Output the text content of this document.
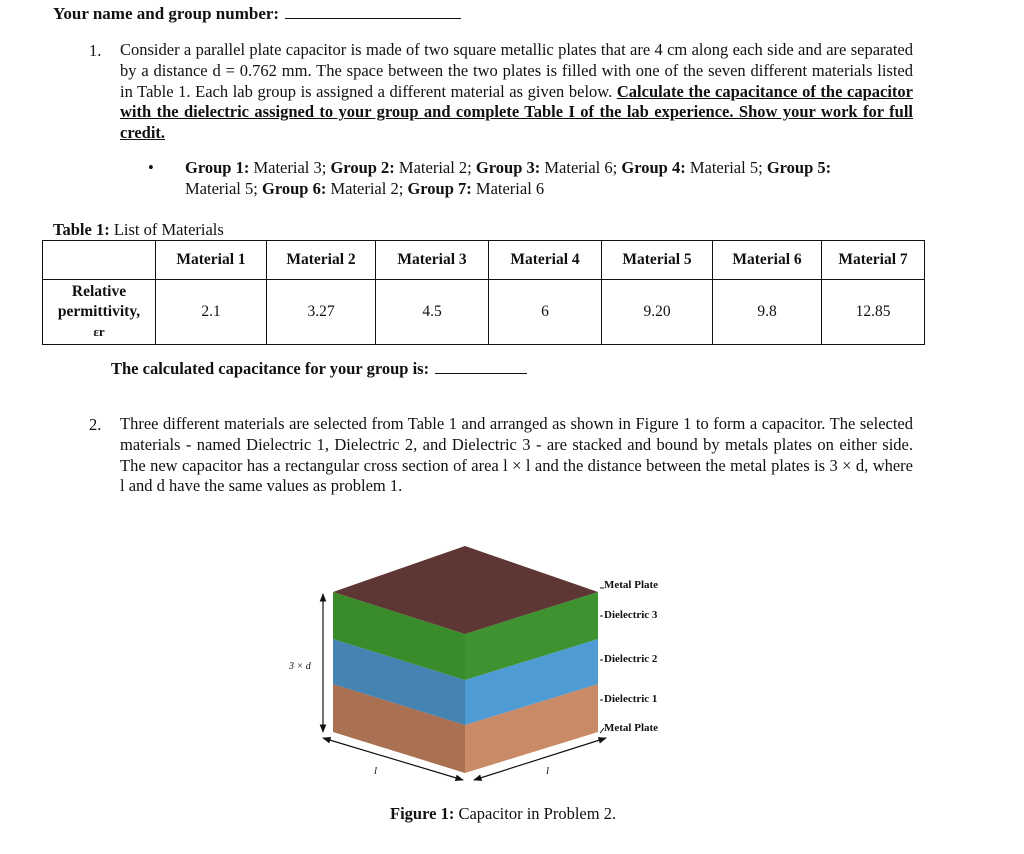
Your name and group number:
1. Consider a parallel plate capacitor is made of two square metallic plates that are 4 cm along each side and are separated by a distance d = 0.762 mm. The space between the two plates is filled with one of the seven different materials listed in Table 1. Each lab group is assigned a different material as given below. Calculate the capacitance of the capacitor with the dielectric assigned to your group and complete Table I of the lab experience. Show your work for full credit.
• Group 1: Material 3; Group 2: Material 2; Group 3: Material 6; Group 4: Material 5; Group 5:
Material 5; Group 6: Material 2; Group 7: Material 6
Table 1: List of Materials
	Material 1	Material 2	Material 3	Material 4	Material 5	Material 6	Material 7
Relative
permittivity,
εr	2.1	3.27	4.5	6	9.20	9.8	12.85
The calculated capacitance for your group is:
2. Three different materials are selected from Table 1 and arranged as shown in Figure 1 to form a capacitor. The selected materials - named Dielectric 1, Dielectric 2, and Dielectric 3 - are stacked and bound by metals plates on either side. The new capacitor has a rectangular cross section of area l × l and the distance between the metal plates is 3 × d, where l and d have the same values as problem 1.
Metal Plate
Dielectric 3
Dielectric 2
Dielectric 1
Metal Plate
3 × d
l	l
Figure 1: Capacitor in Problem 2.
